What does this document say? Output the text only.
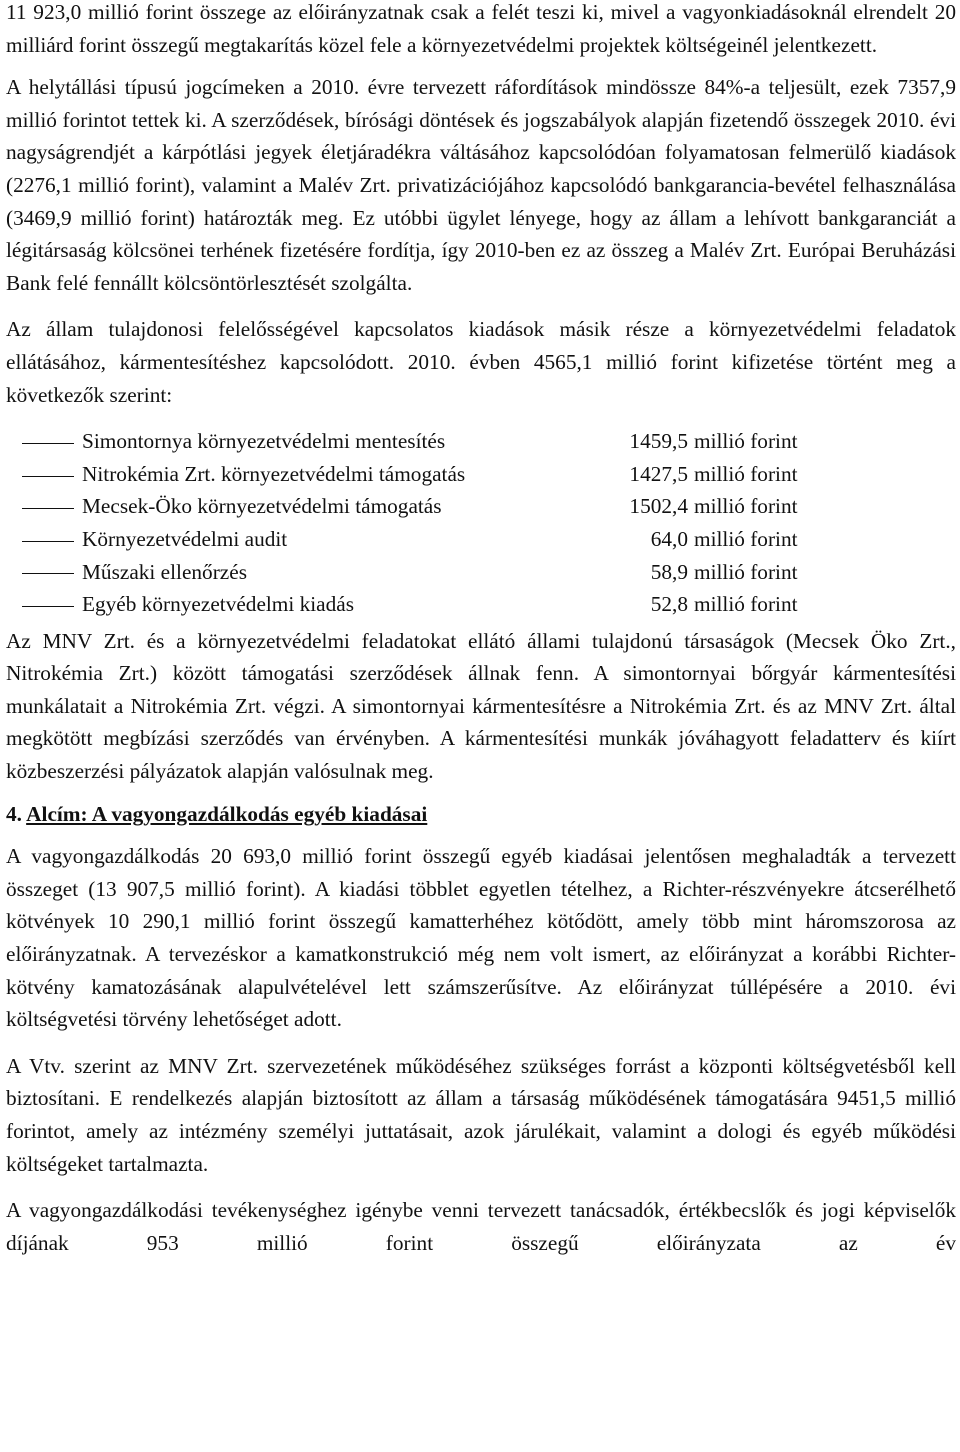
11 923,0 millió forint összege az előirányzatnak csak a felét teszi ki, mivel a vagyonkiadásoknál elrendelt 20 milliárd forint összegű megtakarítás közel fele a környezetvédelmi projektek költségeinél jelentkezett.

A helytállási típusú jogcímeken a 2010. évre tervezett ráfordítások mindössze 84%-a teljesült, ezek 7357,9 millió forintot tettek ki. A szerződések, bírósági döntések és jogszabályok alapján fizetendő összegek 2010. évi nagyságrendjét a kárpótlási jegyek életjáradékra váltásához kapcsolódóan folyamatosan felmerülő kiadások (2276,1 millió forint), valamint a Malév Zrt. privatizációjához kapcsolódó bankgarancia-bevétel felhasználása (3469,9 millió forint) határozták meg. Ez utóbbi ügylet lényege, hogy az állam a lehívott bankgaranciát a légitársaság kölcsönei terhének fizetésére fordítja, így 2010-ben ez az összeg a Malév Zrt. Európai Beruházási Bank felé fennállt kölcsöntörlesztését szolgálta.

Az állam tulajdonosi felelősségével kapcsolatos kiadások másik része a környezetvédelmi feladatok ellátásához, kármentesítéshez kapcsolódott. 2010. évben 4565,1 millió forint kifizetése történt meg a következők szerint:

Simontornya környezetvédelmi mentesítés	1459,5 millió forint
Nitrokémia Zrt. környezetvédelmi támogatás	1427,5 millió forint
Mecsek-Öko környezetvédelmi támogatás	1502,4 millió forint
Környezetvédelmi audit	64,0 millió forint
Műszaki ellenőrzés	58,9 millió forint
Egyéb környezetvédelmi kiadás	52,8 millió forint

Az MNV Zrt. és a környezetvédelmi feladatokat ellátó állami tulajdonú társaságok (Mecsek Öko Zrt., Nitrokémia Zrt.) között támogatási szerződések állnak fenn. A simontornyai bőrgyár kármentesítési munkálatait a Nitrokémia Zrt. végzi. A simontornyai kármentesítésre a Nitrokémia Zrt. és az MNV Zrt. által megkötött megbízási szerződés van érvényben. A kármentesítési munkák jóváhagyott feladatterv és kiírt közbeszerzési pályázatok alapján valósulnak meg.

4. Alcím: A vagyongazdálkodás egyéb kiadásai

A vagyongazdálkodás 20 693,0 millió forint összegű egyéb kiadásai jelentősen meghaladták a tervezett összeget (13 907,5 millió forint). A kiadási többlet egyetlen tételhez, a Richter-részvényekre átcserélhető kötvények 10 290,1 millió forint összegű kamatterhéhez kötődött, amely több mint háromszorosa az előirányzatnak. A tervezéskor a kamatkonstrukció még nem volt ismert, az előirányzat a korábbi Richter-kötvény kamatozásának alapulvételével lett számszerűsítve. Az előirányzat túllépésére a 2010. évi költségvetési törvény lehetőséget adott.

A Vtv. szerint az MNV Zrt. szervezetének működéséhez szükséges forrást a központi költségvetésből kell biztosítani. E rendelkezés alapján biztosított az állam a társaság működésének támogatására 9451,5 millió forintot, amely az intézmény személyi juttatásait, azok járulékait, valamint a dologi és egyéb működési költségeket tartalmazta.

A vagyongazdálkodási tevékenységhez igénybe venni tervezett tanácsadók, értékbecslők és jogi képviselők díjának 953 millió forint összegű előirányzata az év
